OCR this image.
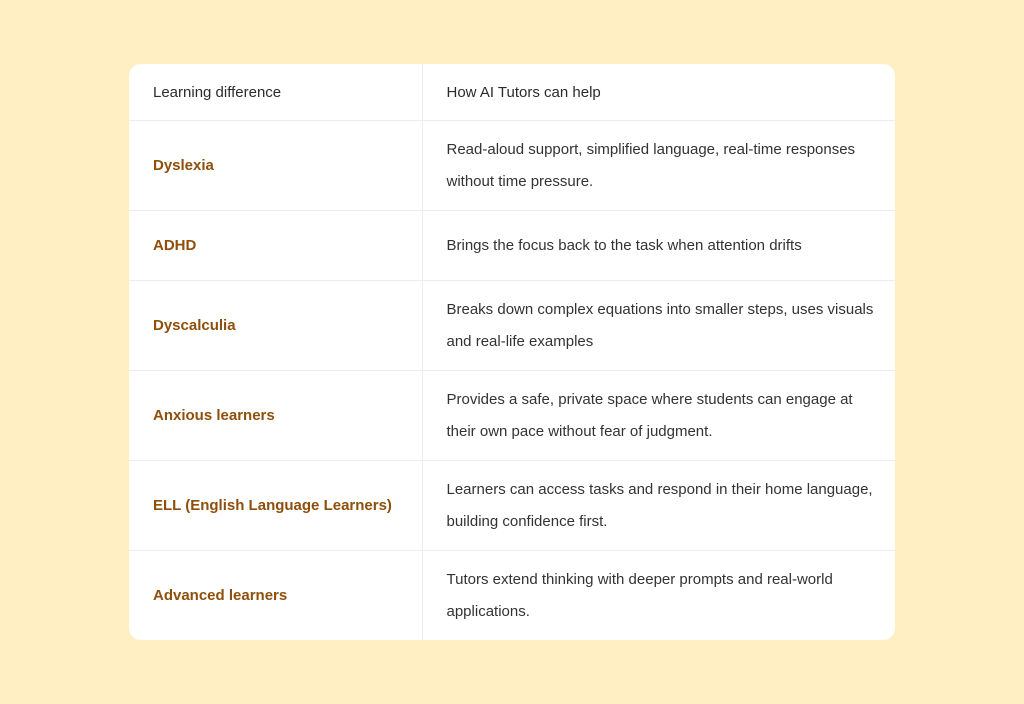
Learning difference	How AI Tutors can help
Dyslexia	Read-aloud support, simplified language, real-time responses without time pressure.
ADHD	Brings the focus back to the task when attention drifts
Dyscalculia	Breaks down complex equations into smaller steps, uses visuals and real-life examples
Anxious learners	Provides a safe, private space where students can engage at their own pace without fear of judgment.
ELL (English Language Learners)	Learners can access tasks and respond in their home language, building confidence first.
Advanced learners	Tutors extend thinking with deeper prompts and real-world applications.
